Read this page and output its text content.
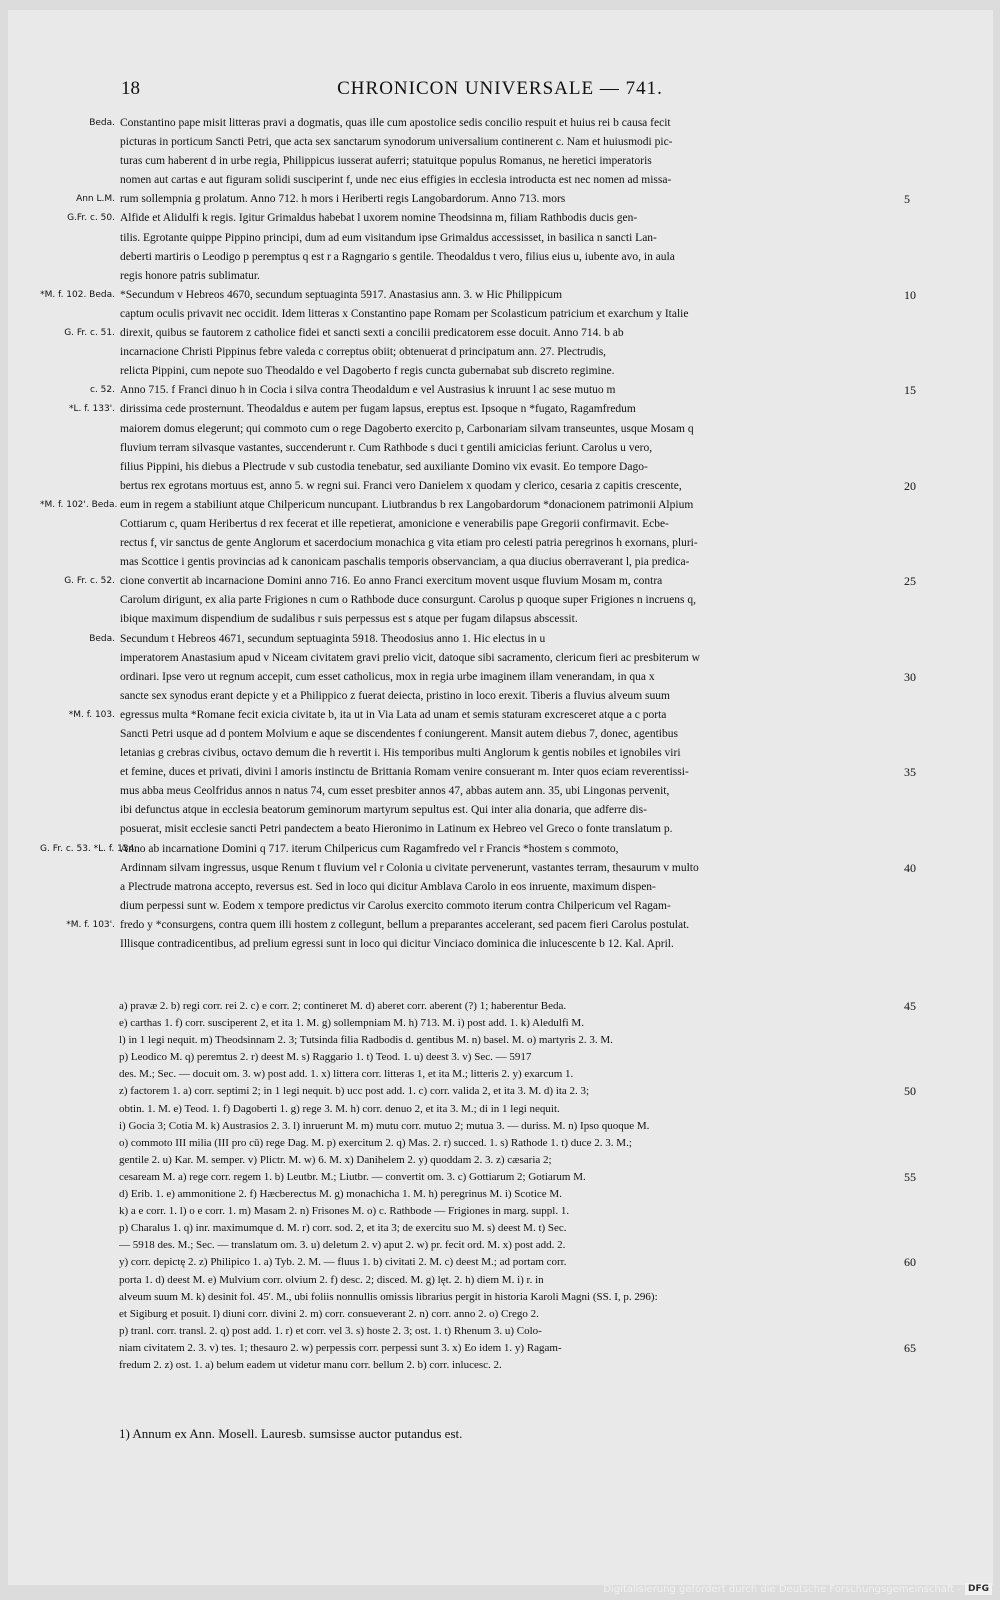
18	CHRONICON UNIVERSALE — 741.
Beda. Constantino pape misit litteras pravi a dogmatis, quas ille cum apostolice sedis concilio respuit et huius rei b causa fecit
picturas in porticum Sancti Petri, que acta sex sanctarum synodorum universalium continerent c. Nam et huiusmodi pic-
turas cum haberent d in urbe regia, Philippicus iusserat auferri; statuitque populus Romanus, ne heretici imperatoris
nomen aut cartas e aut figuram solidi susciperint f, unde nec eius effigies in ecclesia introducta est nec nomen ad missa-
Ann L.M. rum sollempnia g prolatum. Anno 712. h mors i Heriberti regis Langobardorum. Anno 713. mors	5
G.Fr. c. 50. Alfide et Alidulfi k regis. Igitur Grimaldus habebat l uxorem nomine Theodsinna m, filiam Rathbodis ducis gen-
tilis. Egrotante quippe Pippino principi, dum ad eum visitandum ipse Grimaldus accessisset, in basilica n sancti Lan-
deberti martiris o Leodigo p peremptus q est r a Ragngario s gentile. Theodaldus t vero, filius eius u, iubente avo, in aula
regis honore patris sublimatur.
*M. f. 102. Beda. *Secundum v Hebreos 4670, secundum septuaginta 5917. Anastasius ann. 3. w Hic Philippicum	10
captum oculis privavit nec occidit. Idem litteras x Constantino pape Romam per Scolasticum patricium et exarchum y Italie
G. Fr. c. 51. direxit, quibus se fautorem z catholice fidei et sancti sexti a concilii predicatorem esse docuit. Anno 714. b ab
incarnacione Christi Pippinus febre valeda c correptus obiit; obtenuerat d principatum ann. 27. Plectrudis,
relicta Pippini, cum nepote suo Theodaldo e vel Dagoberto f regis cuncta gubernabat sub discreto regimine.
c. 52. Anno 715. f Franci dinuo h in Cocia i silva contra Theodaldum e vel Austrasius k inruunt l ac sese mutuo m	15
*L. f. 133'. dirissima cede prosternunt. Theodaldus e autem per fugam lapsus, ereptus est. Ipsoque n *fugato, Ragamfredum
maiorem domus elegerunt; qui commoto cum o rege Dagoberto exercito p, Carbonariam silvam transeuntes, usque Mosam q
fluvium terram silvasque vastantes, succenderunt r. Cum Rathbode s duci t gentili amicicias feriunt. Carolus u vero,
filius Pippini, his diebus a Plectrude v sub custodia tenebatur, sed auxiliante Domino vix evasit. Eo tempore Dago-
bertus rex egrotans mortuus est, anno 5. w regni sui. Franci vero Danielem x quodam y clerico, cesaria z capitis crescente,	20
*M. f. 102'. Beda. eum in regem a stabiliunt atque Chilpericum nuncupant. Liutbrandus b rex Langobardorum *donacionem patrimonii Alpium
Cottiarum c, quam Heribertus d rex fecerat et ille repetierat, amonicione e venerabilis pape Gregorii confirmavit. Ecbe-
rectus f, vir sanctus de gente Anglorum et sacerdocium monachica g vita etiam pro celesti patria peregrinos h exornans, pluri-
mas Scottice i gentis provincias ad k canonicam paschalis temporis observanciam, a qua diucius oberraverant l, pia predica-
G. Fr. c. 52. cione convertit ab incarnacione Domini anno 716. Eo anno Franci exercitum movent usque fluvium Mosam m, contra	25
Carolum dirigunt, ex alia parte Frigiones n cum o Rathbode duce consurgunt. Carolus p quoque super Frigiones n incruens q,
ibique maximum dispendium de sudalibus r suis perpessus est s atque per fugam dilapsus abscessit.
Beda. Secundum t Hebreos 4671, secundum septuaginta 5918. Theodosius anno 1. Hic electus in u
imperatorem Anastasium apud v Niceam civitatem gravi prelio vicit, datoque sibi sacramento, clericum fieri ac presbiterum w
ordinari. Ipse vero ut regnum accepit, cum esset catholicus, mox in regia urbe imaginem illam venerandam, in qua x	30
sancte sex synodus erant depicte y et a Philippico z fuerat deiecta, pristino in loco erexit. Tiberis a fluvius alveum suum
*M. f. 103. egressus multa *Romane fecit exicia civitate b, ita ut in Via Lata ad unam et semis staturam excresceret atque a c porta
Sancti Petri usque ad d pontem Molvium e aque se discendentes f coniungerent. Mansit autem diebus 7, donec, agentibus
letanias g crebras civibus, octavo demum die h revertit i. His temporibus multi Anglorum k gentis nobiles et ignobiles viri
et femine, duces et privati, divini l amoris instinctu de Brittania Romam venire consuerant m. Inter quos eciam reverentissi-	35
mus abba meus Ceolfridus annos n natus 74, cum esset presbiter annos 47, abbas autem ann. 35, ubi Lingonas pervenit,
ibi defunctus atque in ecclesia beatorum geminorum martyrum sepultus est. Qui inter alia donaria, que adferre dis-
posuerat, misit ecclesie sancti Petri pandectem a beato Hieronimo in Latinum ex Hebreo vel Greco o fonte translatum p.
G. Fr. c. 53. *L. f. 134.
Anno ab incarnatione Domini q 717. iterum Chilpericus cum Ragamfredo vel r Francis *hostem s commoto,
Ardinnam silvam ingressus, usque Renum t fluvium vel r Colonia u civitate pervenerunt, vastantes terram, thesaurum v multo	40
a Plectrude matrona accepto, reversus est. Sed in loco qui dicitur Amblava Carolo in eos inruente, maximum dispen-
dium perpessi sunt w. Eodem x tempore predictus vir Carolus exercito commoto iterum contra Chilpericum vel Ragam-
*M. f. 103'. fredo y *consurgens, contra quem illi hostem z collegunt, bellum a preparantes accelerant, sed pacem fieri Carolus postulat.
Illisque contradicentibus, ad prelium egressi sunt in loco qui dicitur Vinciaco dominica die inlucescente b 12. Kal. April.
a) pravæ 2. b) regi corr. rei 2. c) e corr. 2; contineret M. d) aberet corr. aberent (?) 1; haberentur Beda.	45
e) carthas 1. f) corr. susciperent 2, et ita 1. M. g) sollempniam M. h) 713. M. i) post add. 1. k) Aledulfi M.
l) in 1 legi nequit. m) Theodsinnam 2. 3; Tutsinda filia Radbodis d. gentibus M. n) basel. M. o) martyris 2. 3. M.
p) Leodico M. q) peremtus 2. r) deest M. s) Raggario 1. t) Teod. 1. u) deest 3. v) Sec. — 5917
des. M.; Sec. — docuit om. 3. w) post add. 1. x) littera corr. litteras 1, et ita M.; litteris 2. y) exarcum 1.
z) factorem 1. a) corr. septimi 2; in 1 legi nequit. b) ucc post add. 1. c) corr. valida 2, et ita 3. M. d) ita 2. 3;	50
obtin. 1. M. e) Teod. 1. f) Dagoberti 1. g) rege 3. M. h) corr. denuo 2, et ita 3. M.; di in 1 legi nequit.
i) Gocia 3; Cotia M. k) Austrasios 2. 3. l) inruerunt M. m) mutu corr. mutuo 2; mutua 3. — duriss. M. n) Ipso quoque M.
o) commoto III milia (III pro cū) rege Dag. M. p) exercitum 2. q) Mas. 2. r) succed. 1. s) Rathode 1. t) duce 2. 3. M.;
gentile 2. u) Kar. M. semper. v) Plictr. M. w) 6. M. x) Danihelem 2. y) quoddam 2. 3. z) cæsaria 2;
cesaream M. a) rege corr. regem 1. b) Leutbr. M.; Liutbr. — convertit om. 3. c) Gottiarum 2; Gotiarum M.	55
d) Erib. 1. e) ammonitione 2. f) Hæcberectus M. g) monachicha 1. M. h) peregrinus M. i) Scotice M.
k) a e corr. 1. l) o e corr. 1. m) Masam 2. n) Frisones M. o) c. Rathbode — Frigiones in marg. suppl. 1.
p) Charalus 1. q) inr. maximumque d. M. r) corr. sod. 2, et ita 3; de exercitu suo M. s) deest M. t) Sec.
— 5918 des. M.; Sec. — translatum om. 3. u) deletum 2. v) aput 2. w) pr. fecit ord. M. x) post add. 2.
y) corr. depictę 2. z) Philipico 1. a) Tyb. 2. M. — fluus 1. b) civitati 2. M. c) deest M.; ad portam corr.	60
porta 1. d) deest M. e) Mulvium corr. olvium 2. f) desc. 2; disced. M. g) lęt. 2. h) diem M. i) r. in
alveum suum M. k) desinit fol. 45'. M., ubi foliis nonnullis omissis librarius pergit in historia Karoli Magni (SS. I, p. 296):
et Sigiburg et posuit. l) diuni corr. divini 2. m) corr. consueverant 2. n) corr. anno 2. o) Crego 2.
p) tranl. corr. transl. 2. q) post add. 1. r) et corr. vel 3. s) hoste 2. 3; ost. 1. t) Rhenum 3. u) Colo-
niam civitatem 2. 3. v) tes. 1; thesauro 2. w) perpessis corr. perpessi sunt 3. x) Eo idem 1. y) Ragam-	65
fredum 2. z) ost. 1. a) belum eadem ut videtur manu corr. bellum 2. b) corr. inlucesc. 2.
1) Annum ex Ann. Mosell. Lauresb. sumsisse auctor putandus est.
Digitalisierung gefördert durch die Deutsche Forschungsgemeinschaft - DFG
